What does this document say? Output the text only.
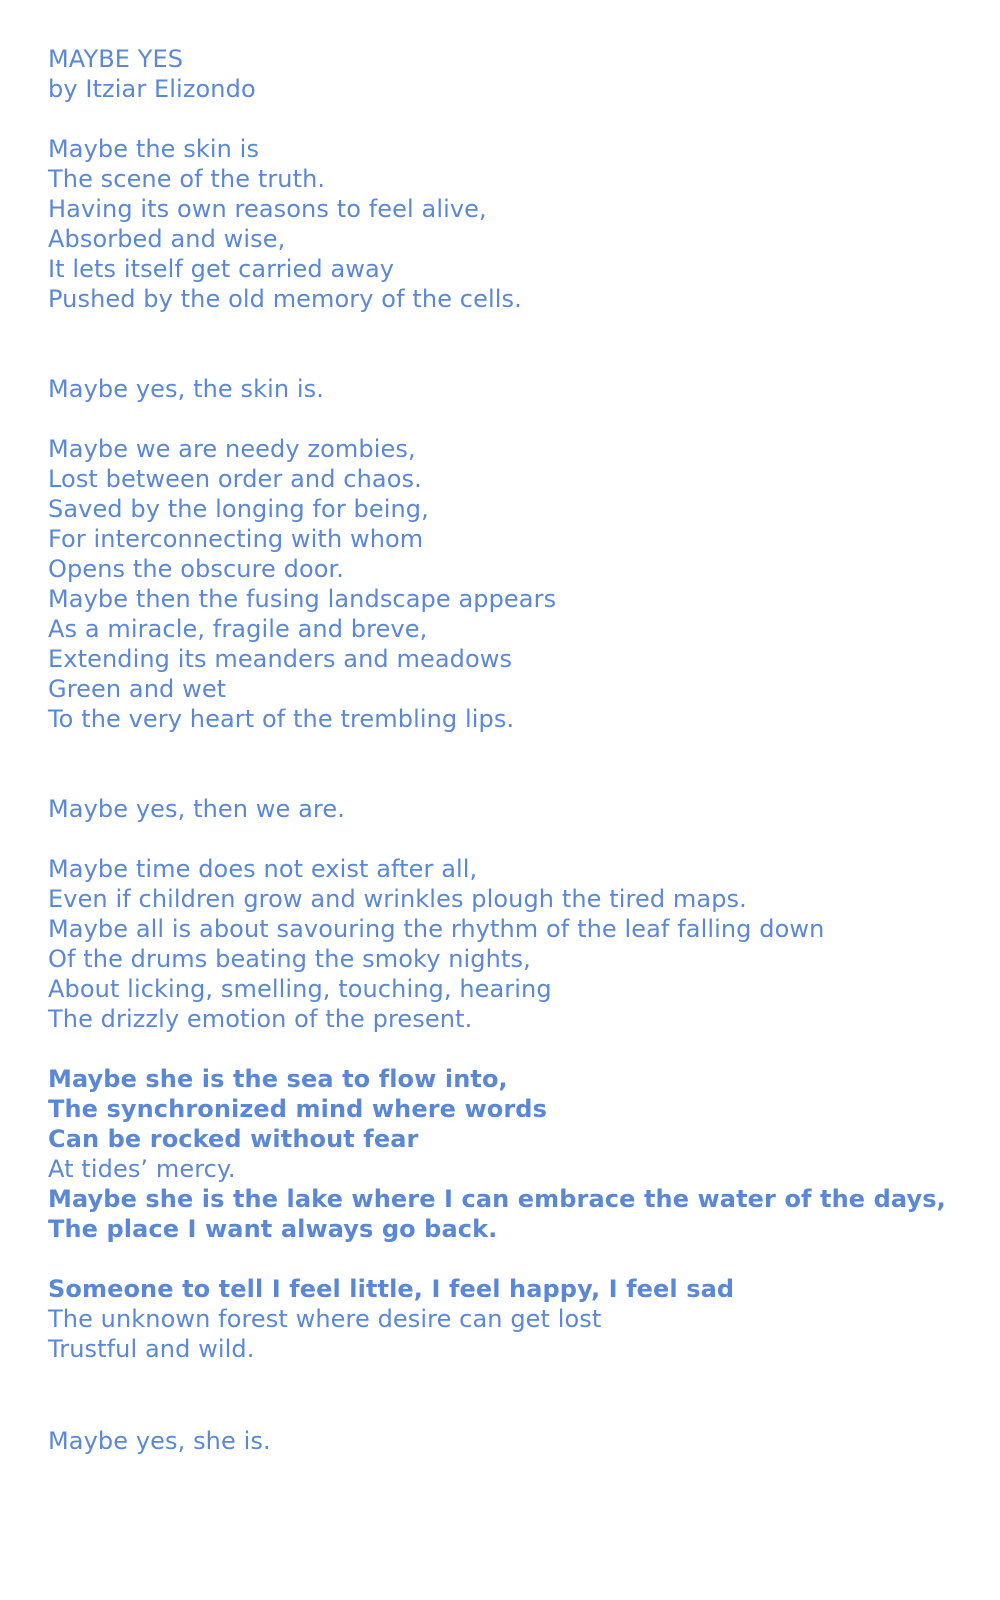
MAYBE YES
by Itziar Elizondo
Maybe the skin is
The scene of the truth.
Having its own reasons to feel alive,
Absorbed and wise,
It lets itself get carried away
Pushed by the old memory of the cells.
Maybe yes, the skin is.
Maybe we are needy zombies,
Lost between order and chaos.
Saved by the longing for being,
For interconnecting with whom
Opens the obscure door.
Maybe then the fusing landscape appears
As a miracle, fragile and breve,
Extending its meanders and meadows
Green and wet
To the very heart of the trembling lips.
Maybe yes, then we are.
Maybe time does not exist after all,
Even if children grow and wrinkles plough the tired maps.
Maybe all is about savouring the rhythm of the leaf falling down
Of the drums beating the smoky nights,
About licking, smelling, touching, hearing
The drizzly emotion of the present.
Maybe she is the sea to flow into,
The synchronized mind where words
Can be rocked without fear
At tides’ mercy.
Maybe she is the lake where I can embrace the water of the days,
The place I want always go back.
Someone to tell I feel little, I feel happy, I feel sad
The unknown forest where desire can get lost
Trustful and wild.
Maybe yes, she is.
